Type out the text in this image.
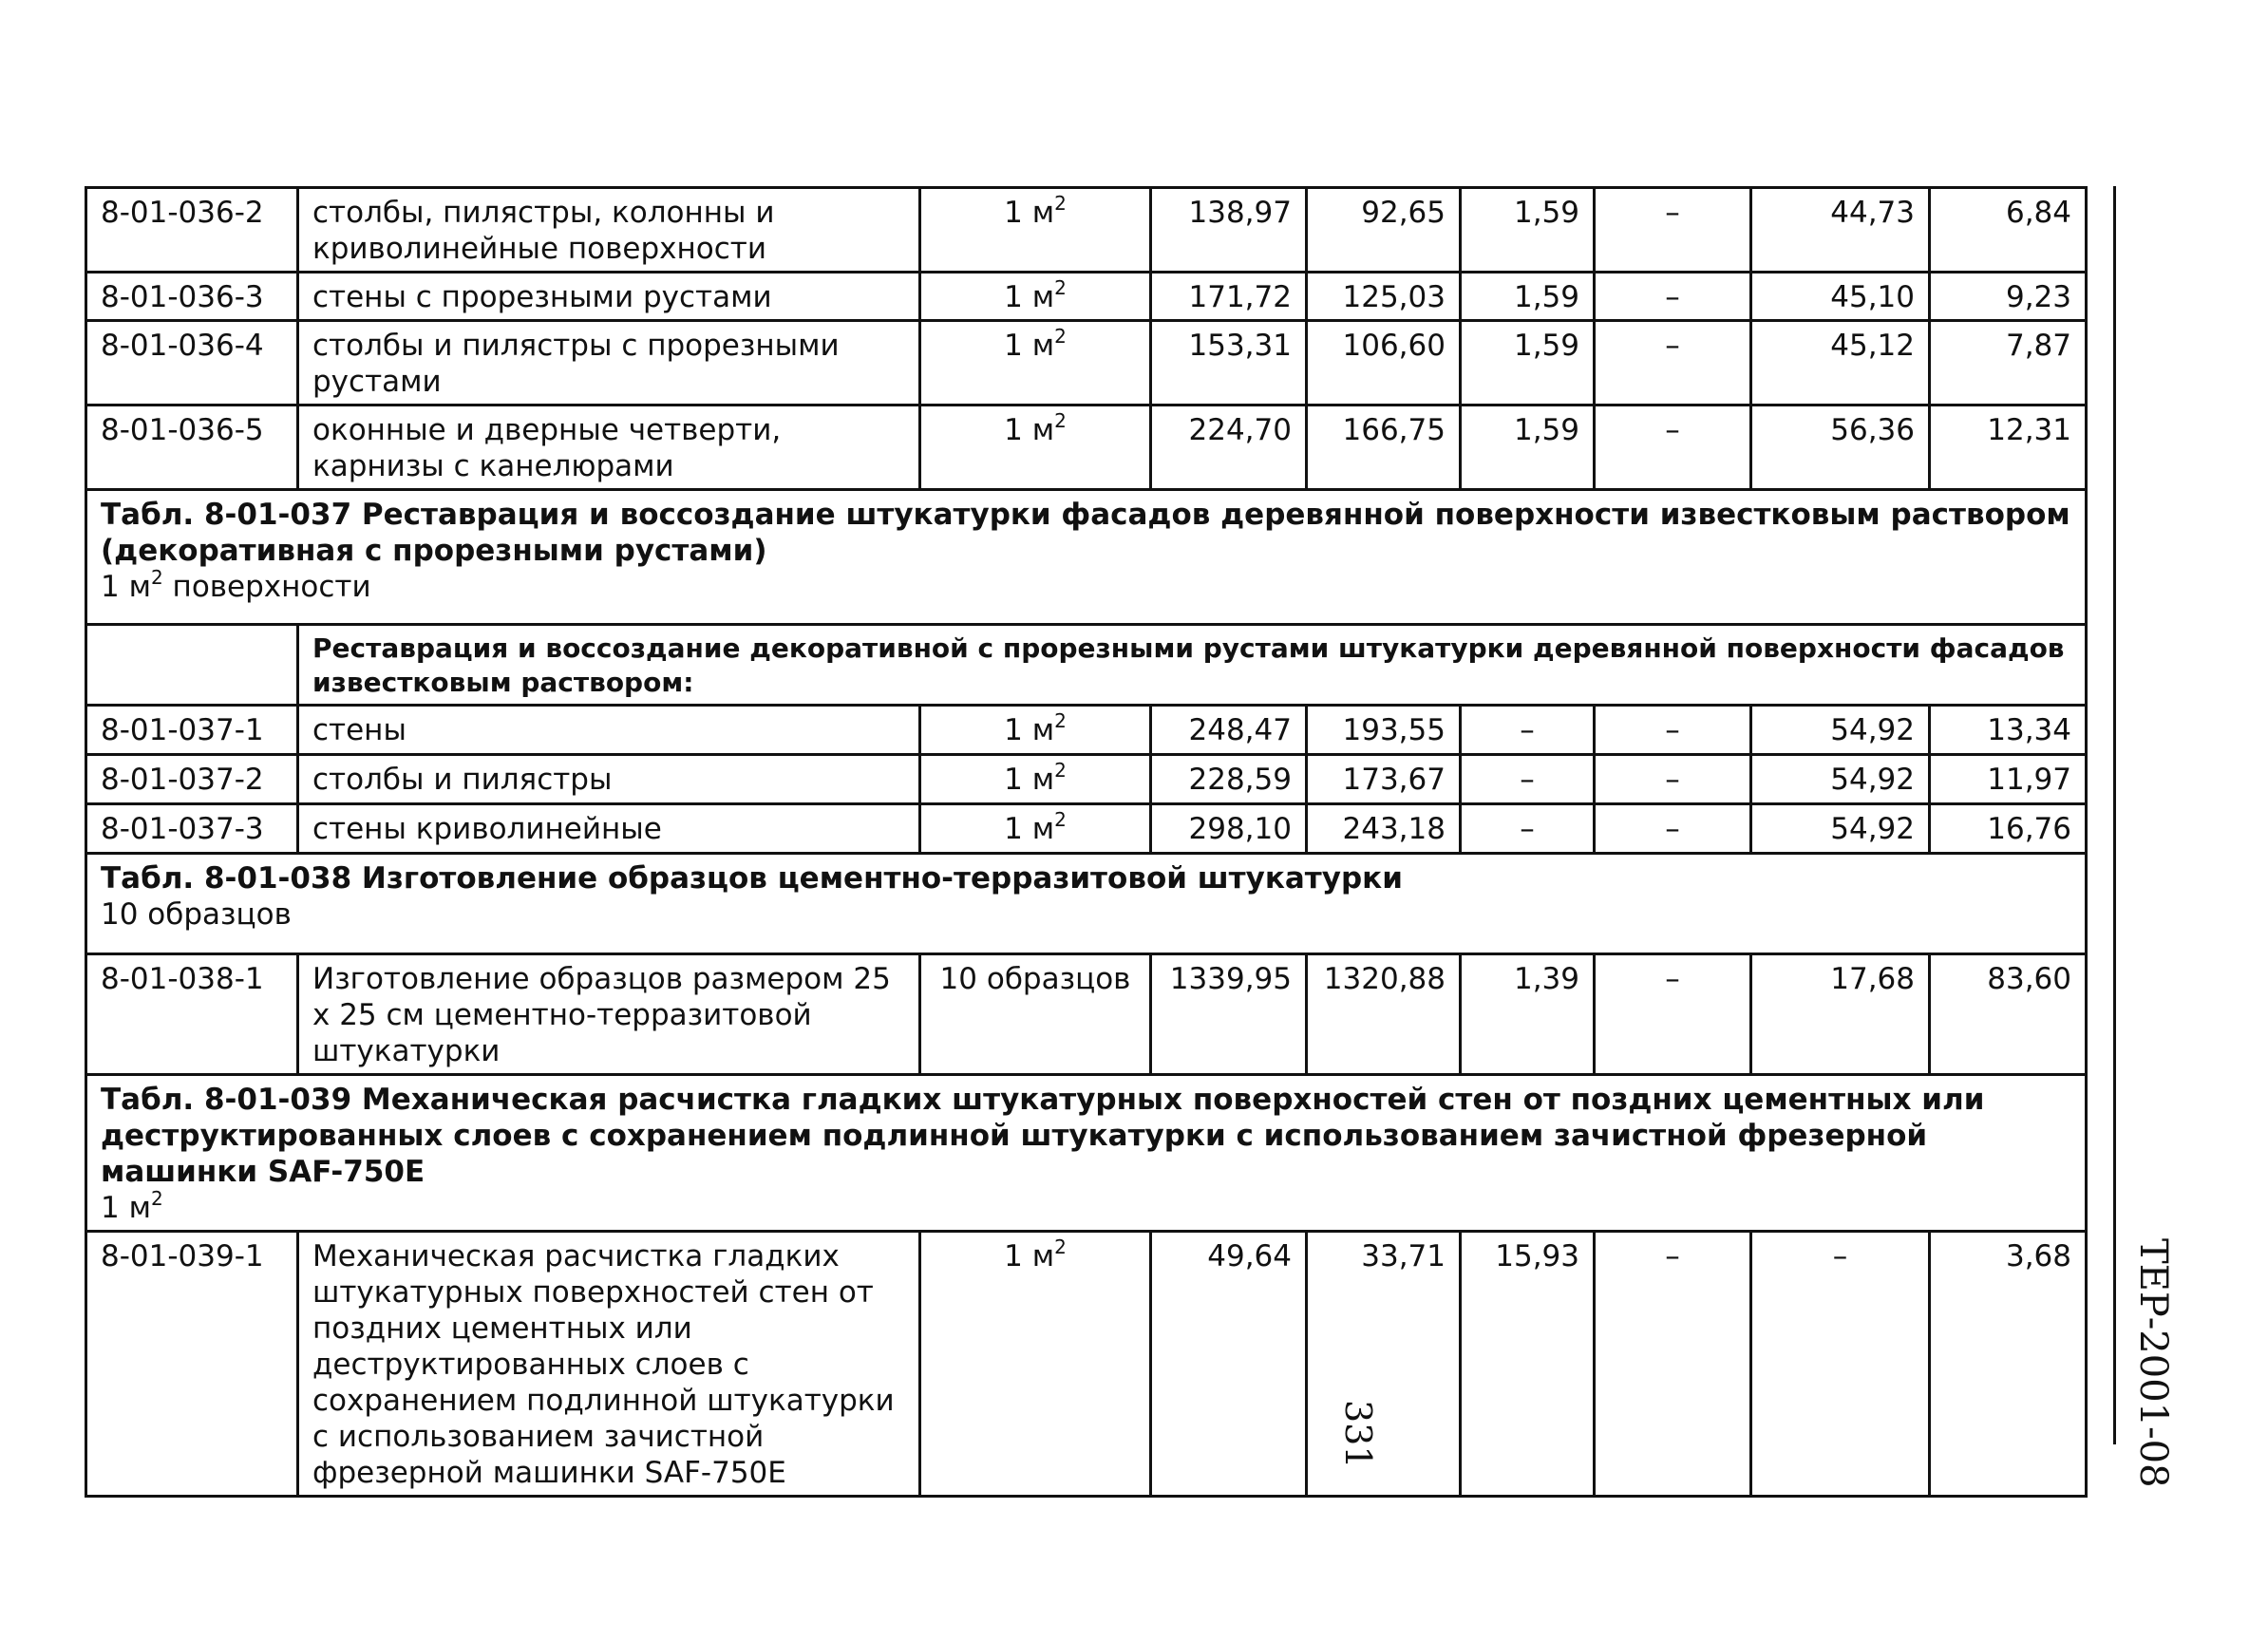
8-01-036-2	столбы, пилястры, колонны и криволинейные поверхности	1 $м^2$	138,97	92,65	1,59	–	44,73	6,84
8-01-036-3	стены с прорезными рустами	1 $м^2$	171,72	125,03	1,59	–	45,10	9,23
8-01-036-4	столбы и пилястры с прорезными рустами	1 $м^2$	153,31	106,60	1,59	–	45,12	7,87
8-01-036-5	оконные и дверные четверти, карнизы с канелюрами	1 $м^2$	224,70	166,75	1,59	–	56,36	12,31

Табл. 8-01-037 Реставрация и воссоздание штукатурки фасадов деревянной поверхности известковым раствором (декоративная с прорезными рустами)
1 $м^2$ поверхности								

	Реставрация и воссоздание декоративной с прорезными рустами штукатурки деревянной поверхности фасадов известковым раствором:							
8-01-037-1	стены	1 $м^2$	248,47	193,55	–	–	54,92	13,34
8-01-037-2	столбы и пилястры	1 $м^2$	228,59	173,67	–	–	54,92	11,97
8-01-037-3	стены криволинейные	1 $м^2$	298,10	243,18	–	–	54,92	16,76

Табл. 8-01-038 Изготовление образцов цементно-терразитовой штукатурки
10 образцов								

8-01-038-1	Изготовление образцов размером 25 х 25 см цементно-терразитовой штукатурки	10 образцов	1339,95	1320,88	1,39	–	17,68	83,60

Табл. 8-01-039 Механическая расчистка гладких штукатурных поверхностей стен от поздних цементных или деструктированных слоев с сохранением подлинной штукатурки с использованием зачистной фрезерной машинки SAF-750E
1 $м^2$

8-01-039-1	Механическая расчистка гладких штукатурных поверхностей стен от поздних цементных или деструктированных слоев с сохранением подлинной штукатурки с использованием зачистной фрезерной машинки SAF-750E	1 $м^2$	49,64	33,71	15,93	–	–	3,68
331	ТЕР-2001-08
